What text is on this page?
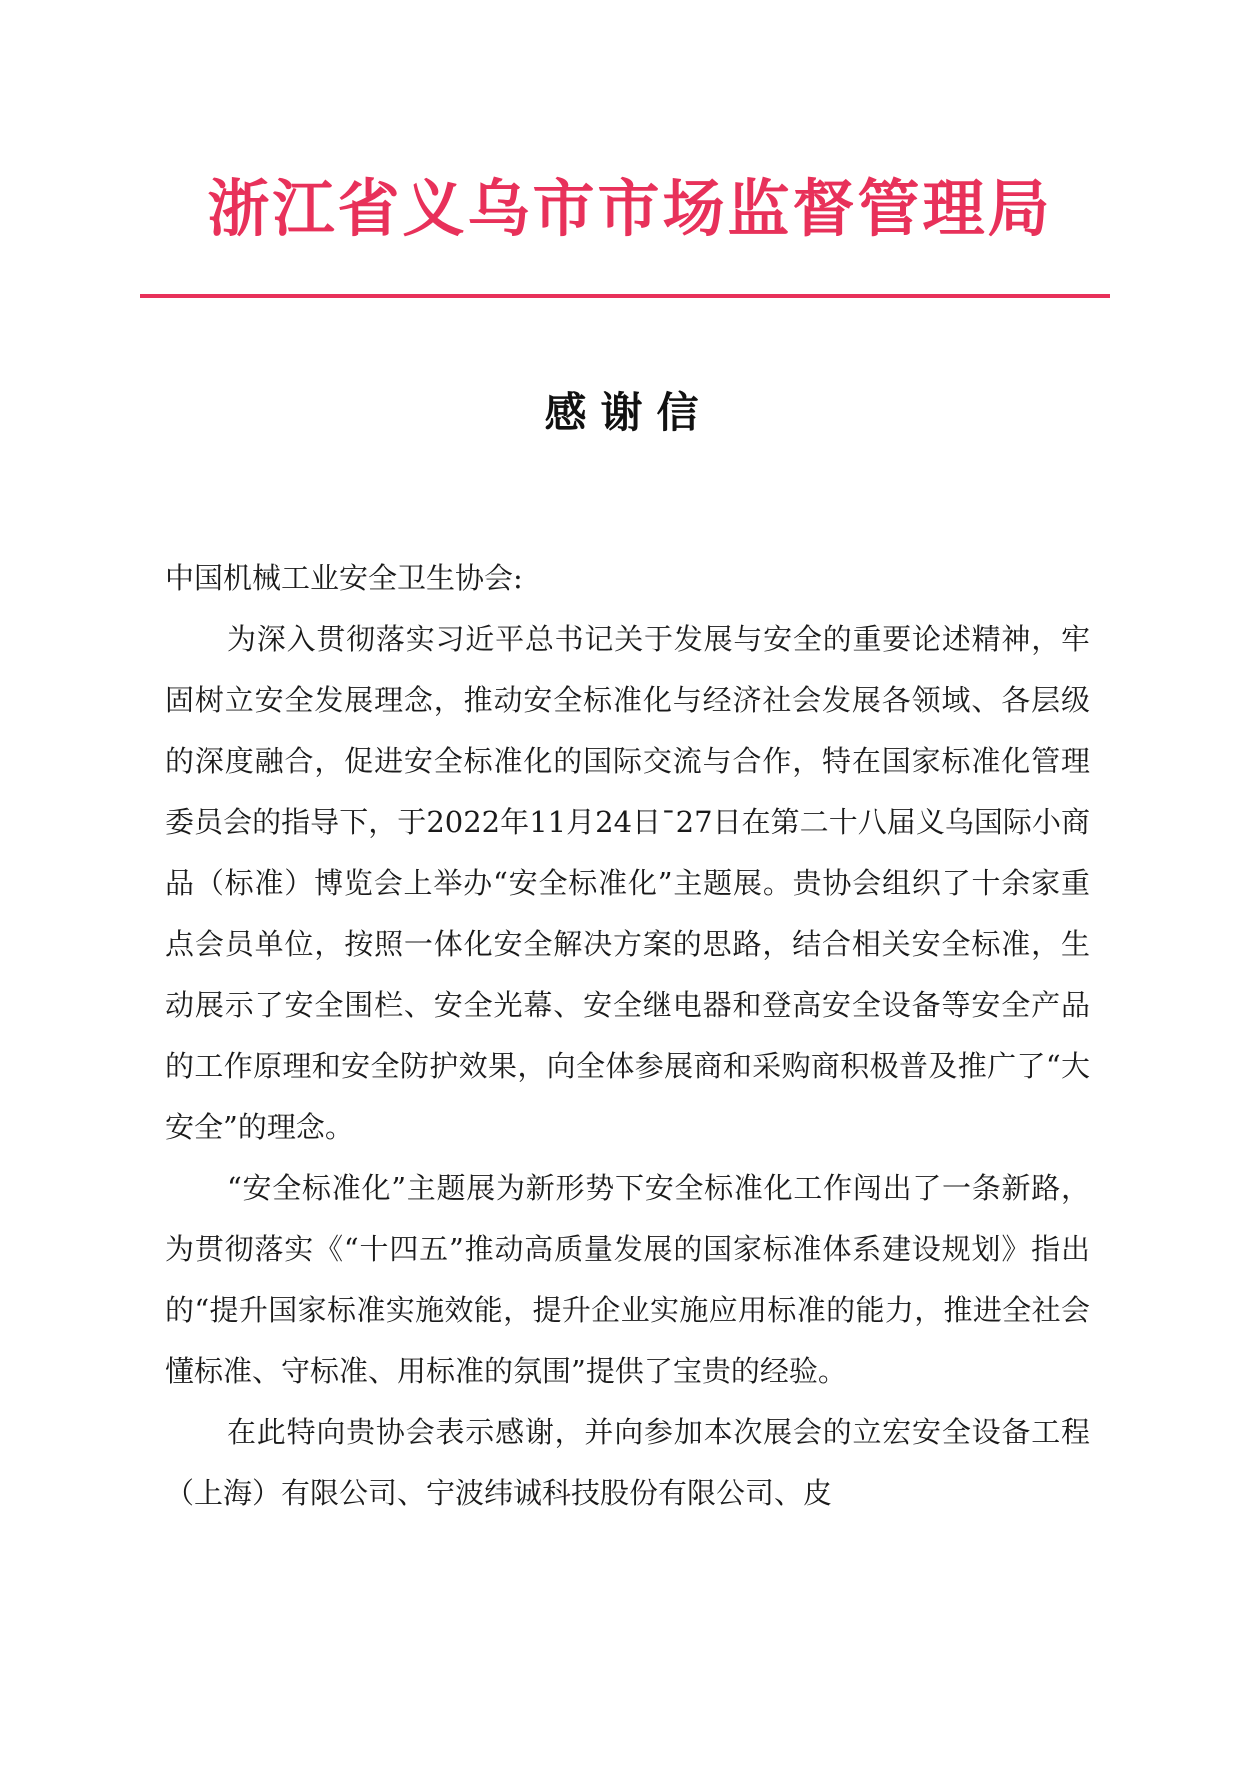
浙江省义乌市市场监督管理局
感谢信

中国机械工业安全卫生协会:

为深入贯彻落实习近平总书记关于发展与安全的重要论述精神，牢固树立安全发展理念，推动安全标准化与经济社会发展各领域、各层级的深度融合，促进安全标准化的国际交流与合作，特在国家标准化管理委员会的指导下，于2022年11月24日¯27日在第二十八届义乌国际小商品（标准）博览会上举办“安全标准化”主题展。贵协会组织了十余家重点会员单位，按照一体化安全解决方案的思路，结合相关安全标准，生动展示了安全围栏、安全光幕、安全继电器和登高安全设备等安全产品的工作原理和安全防护效果，向全体参展商和采购商积极普及推广了“大安全”的理念。

“安全标准化”主题展为新形势下安全标准化工作闯出了一条新路，为贯彻落实《“十四五”推动高质量发展的国家标准体系建设规划》指出的“提升国家标准实施效能，提升企业实施应用标准的能力，推进全社会懂标准、守标准、用标准的氛围”提供了宝贵的经验。

在此特向贵协会表示感谢，并向参加本次展会的立宏安全设备工程（上海）有限公司、宁波纬诚科技股份有限公司、皮
